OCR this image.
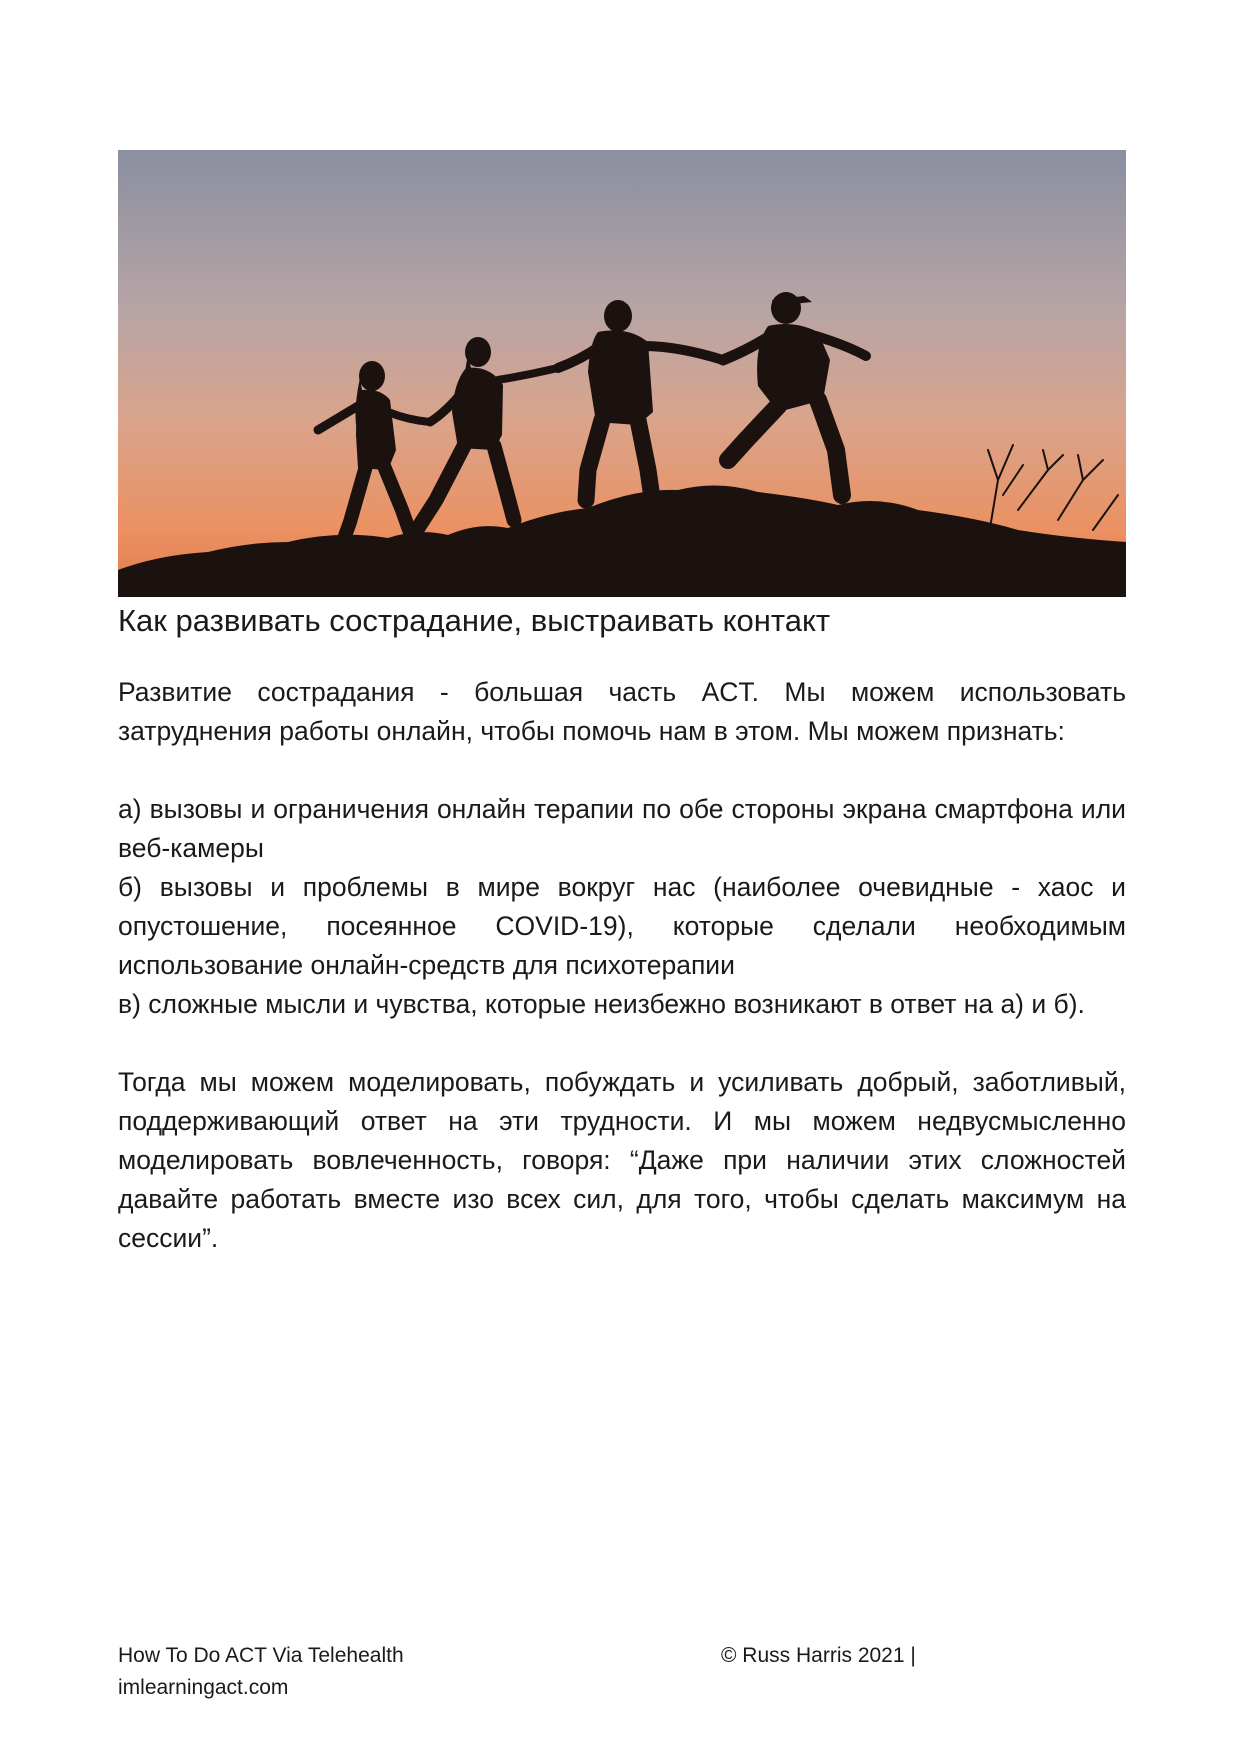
Как развивать сострадание, выстраивать контакт

Развитие сострадания - большая часть ACT. Мы можем использовать затруднения работы онлайн, чтобы помочь нам в этом. Мы можем признать:

а) вызовы и ограничения онлайн терапии по обе стороны экрана смартфона или веб-камеры

б) вызовы и проблемы в мире вокруг нас (наиболее очевидные - хаос и опустошение, посеянное COVID-19), которые сделали необходимым использование онлайн-средств для психотерапии

в) сложные мысли и чувства, которые неизбежно возникают в ответ на а) и б).

Тогда мы можем моделировать, побуждать и усиливать добрый, заботливый, поддерживающий ответ на эти трудности. И мы можем недвусмысленно моделировать вовлеченность, говоря: “Даже при наличии этих сложностей давайте работать вместе изо всех сил, для того, чтобы сделать максимум на сессии”.

How To Do ACT Via Telehealth
imlearningact.com
© Russ Harris 2021 |
